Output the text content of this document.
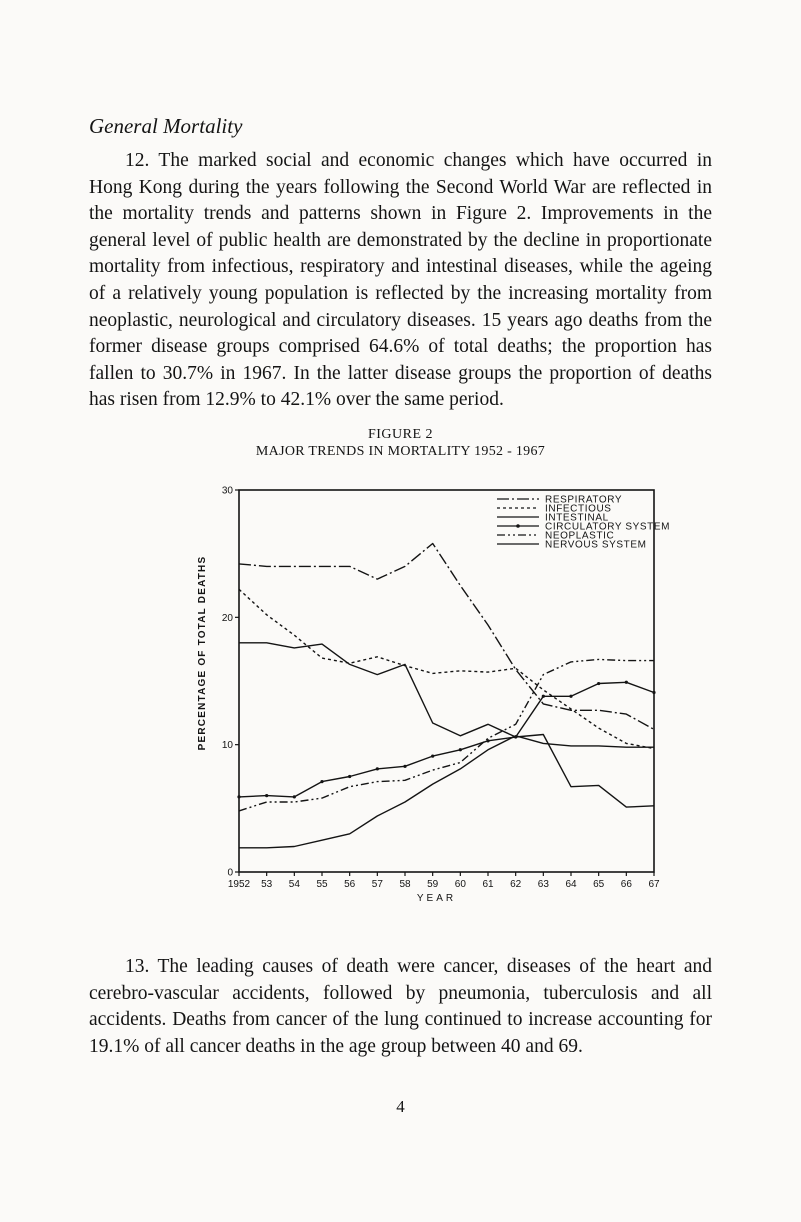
General Mortality

12. The marked social and economic changes which have occurred in Hong Kong during the years following the Second World War are reflected in the mortality trends and patterns shown in Figure 2. Improvements in the general level of public health are demonstrated by the decline in proportionate mortality from infectious, respiratory and intestinal diseases, while the ageing of a relatively young population is reflected by the increasing mortality from neoplastic, neurological and circulatory diseases. 15 years ago deaths from the former disease groups comprised 64.6% of total deaths; the proportion has fallen to 30.7% in 1967. In the latter disease groups the proportion of deaths has risen from 12.9% to 42.1% over the same period.

FIGURE 2
MAJOR TRENDS IN MORTALITY 1952 - 1967
0
10
20
30
1952 53 54 55 56 57 58 59 60 61 62 63 64 65 66 67
RESPIRATORY
INFECTIOUS
INTESTINAL
CIRCULATORY SYSTEM
NEOPLASTIC
NERVOUS SYSTEM
PERCENTAGE OF TOTAL DEATHS
YEAR

13. The leading causes of death were cancer, diseases of the heart and cerebro-vascular accidents, followed by pneumonia, tuberculosis and all accidents. Deaths from cancer of the lung continued to increase accounting for 19.1% of all cancer deaths in the age group between 40 and 69.

4
